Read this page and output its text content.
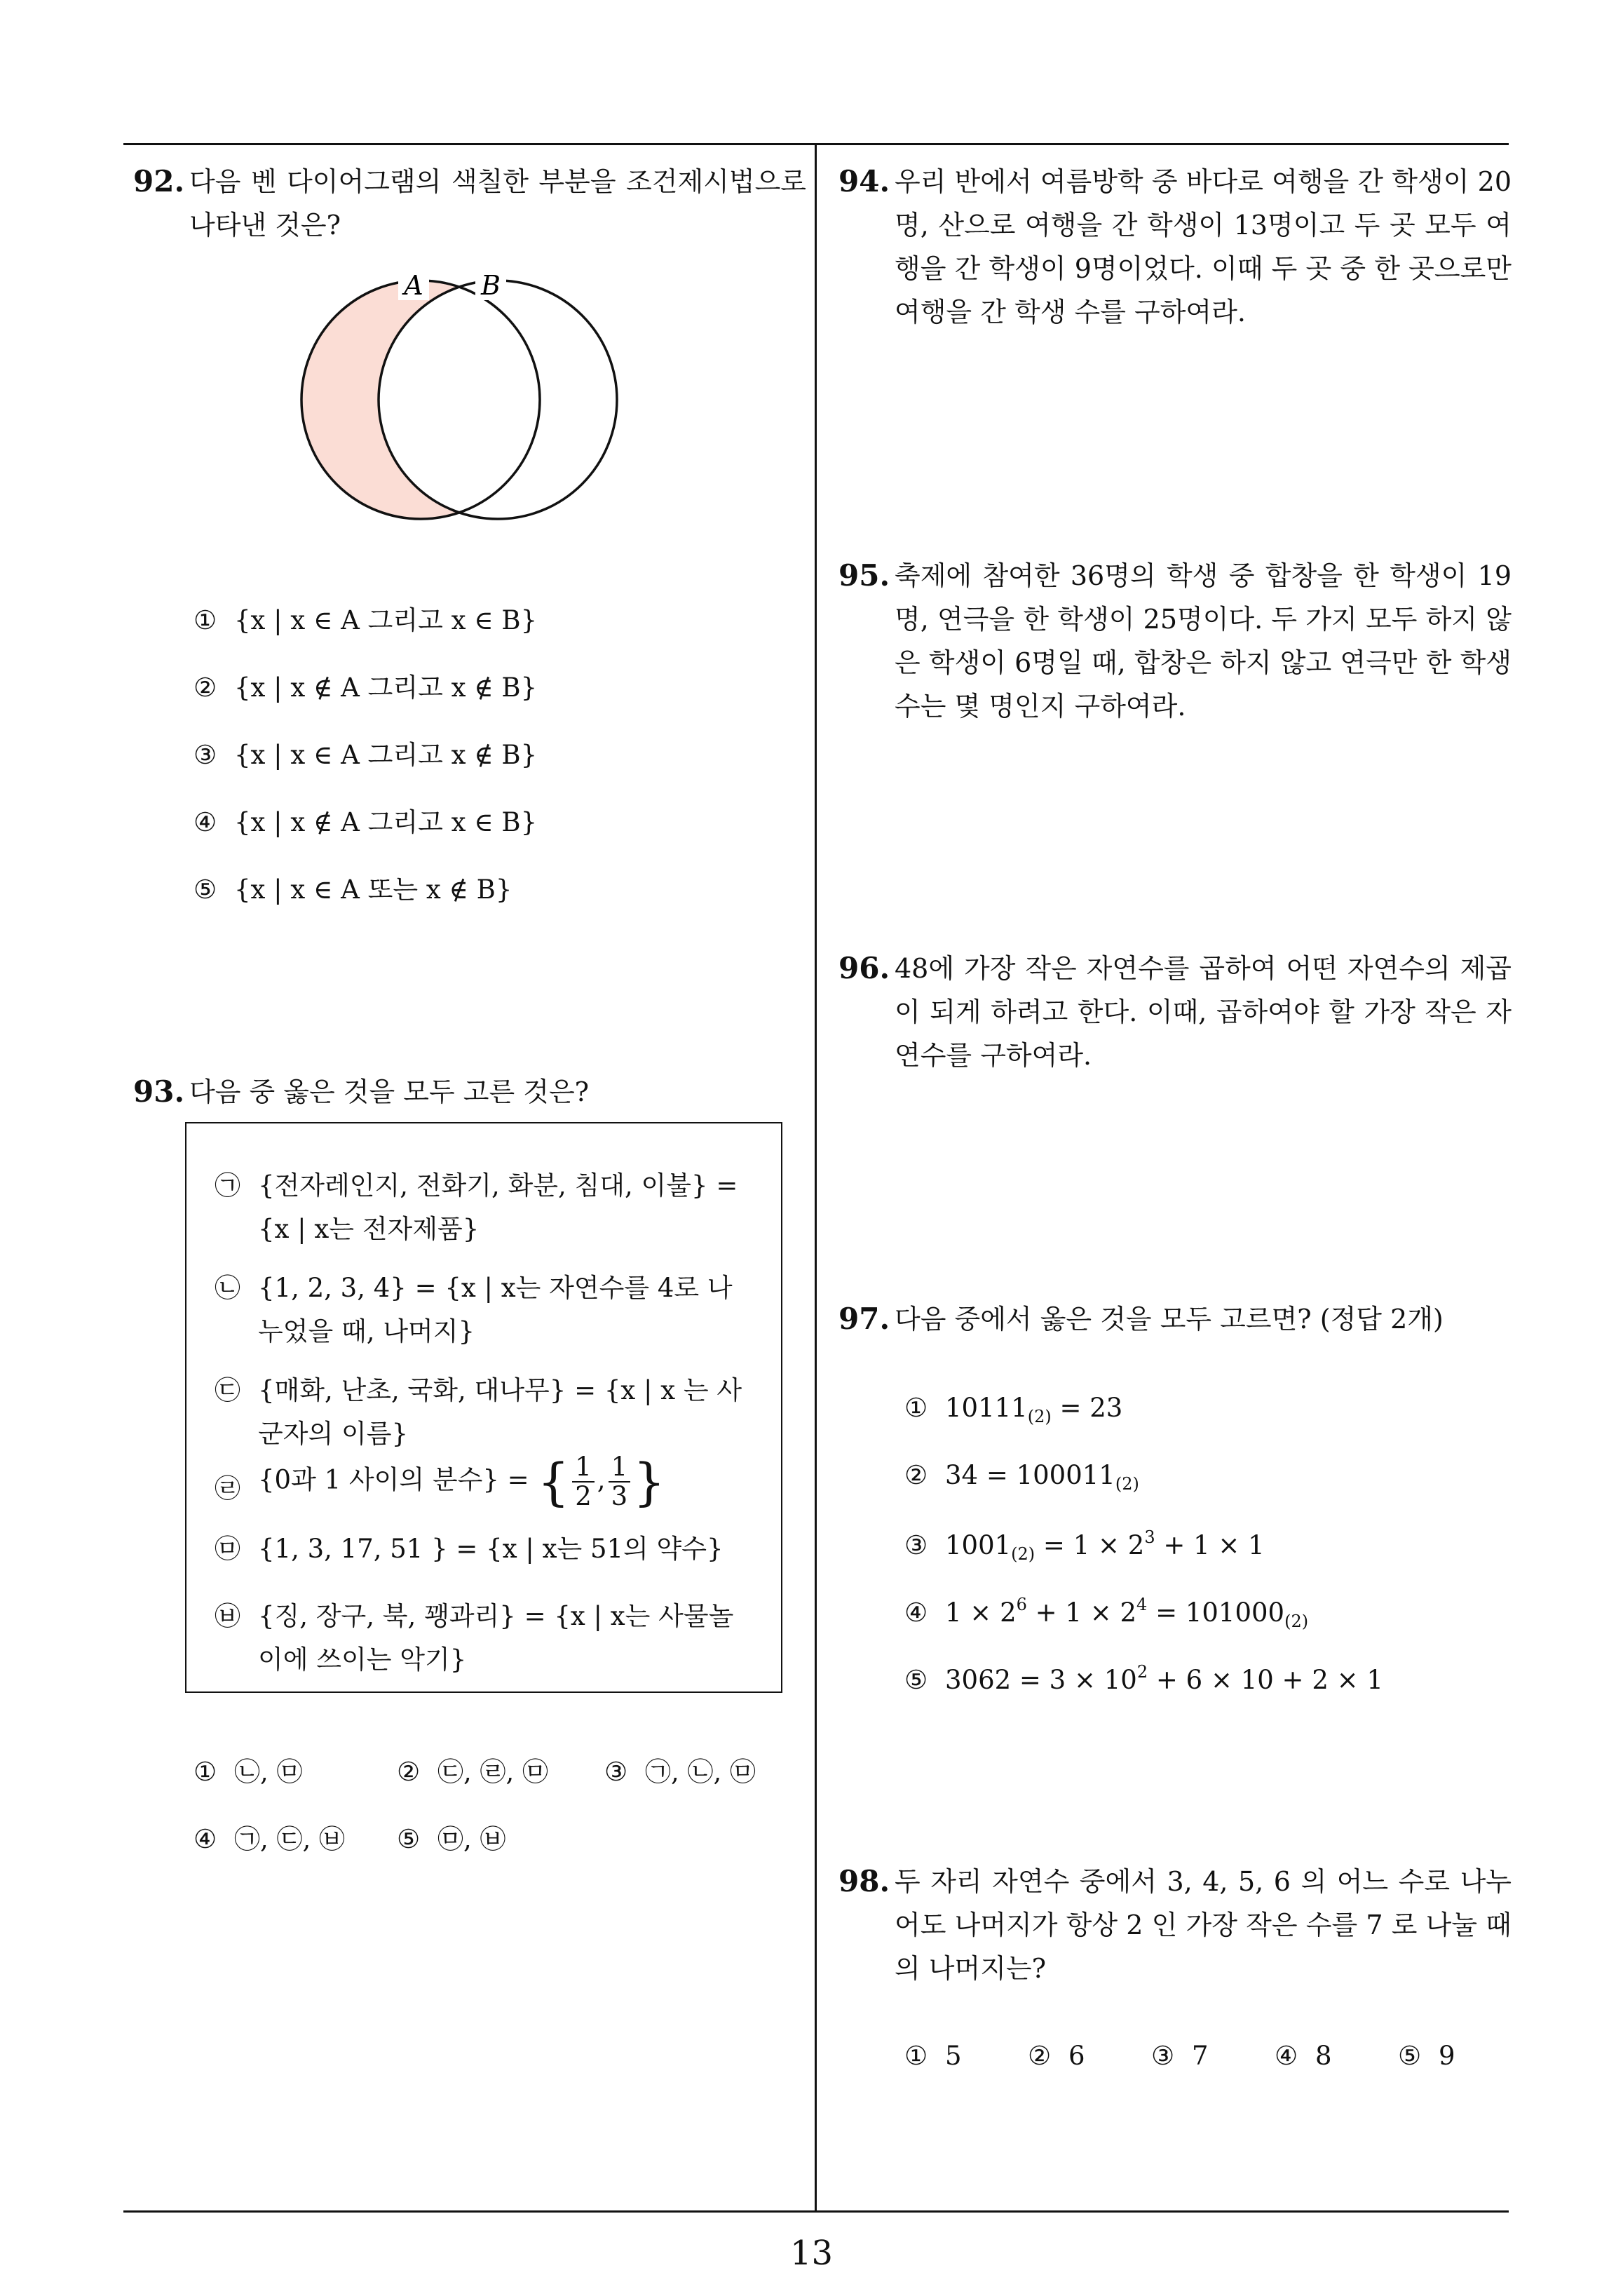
92. 다음 벤 다이어그램의 색칠한 부분을 조건제시법으로 나타낸 것은?
A B
① {x | x ∈ A 그리고 x ∈ B}
② {x | x ∉ A 그리고 x ∉ B}
③ {x | x ∈ A 그리고 x ∉ B}
④ {x | x ∉ A 그리고 x ∈ B}
⑤ {x | x ∈ A 또는 x ∉ B}
93. 다음 중 옳은 것을 모두 고른 것은?
㉠ {전자레인지, 전화기, 화분, 침대, 이불} = {x | x는 전자제품}
㉡ {1, 2, 3, 4} = {x | x는 자연수를 4로 나누었을 때, 나머지}
㉢ {매화, 난초, 국화, 대나무} = {x | x 는 사군자의 이름}
㉣ {0과 1 사이의 분수} = { $\frac{1}{2}$ , $\frac{1}{3}$ }
㉤ {1, 3, 17, 51 } = {x | x는 51의 약수}
㉥ {징, 장구, 북, 꽹과리} = {x | x는 사물놀이에 쓰이는 악기}
① ㉡, ㉤	② ㉢, ㉣, ㉤ ③ ㉠, ㉡, ㉤
④ ㉠, ㉢, ㉥ ⑤ ㉤, ㉥
94. 우리 반에서 여름방학 중 바다로 여행을 간 학생이 20명, 산으로 여행을 간 학생이 13명이고 두 곳 모두 여행을 간 학생이 9명이었다. 이때 두 곳 중 한 곳으로만 여행을 간 학생 수를 구하여라.
95. 축제에 참여한 36명의 학생 중 합창을 한 학생이 19명, 연극을 한 학생이 25명이다. 두 가지 모두 하지 않은 학생이 6명일 때, 합창은 하지 않고 연극만 한 학생 수는 몇 명인지 구하여라.
96. 48에 가장 작은 자연수를 곱하여 어떤 자연수의 제곱이 되게 하려고 한다. 이때, 곱하여야 할 가장 작은 자연수를 구하여라.
97. 다음 중에서 옳은 것을 모두 고르면? (정답 2개)
① $10111_{(2)} = 23$
② $34 = 100011_{(2)}$
③ $1001_{(2)} = 1 \times 2^3 + 1 \times 1$
④ $1 \times 2^6 + 1 \times 2^4 = 101000_{(2)}$
⑤ $3062 = 3 \times 10^2 + 6 \times 10 + 2 \times 1$
98. 두 자리 자연수 중에서 3, 4, 5, 6 의 어느 수로 나누어도 나머지가 항상 2 인 가장 작은 수를 7 로 나눌 때의 나머지는?
① 5	② 6	③ 7	④ 8	⑤ 9
13
